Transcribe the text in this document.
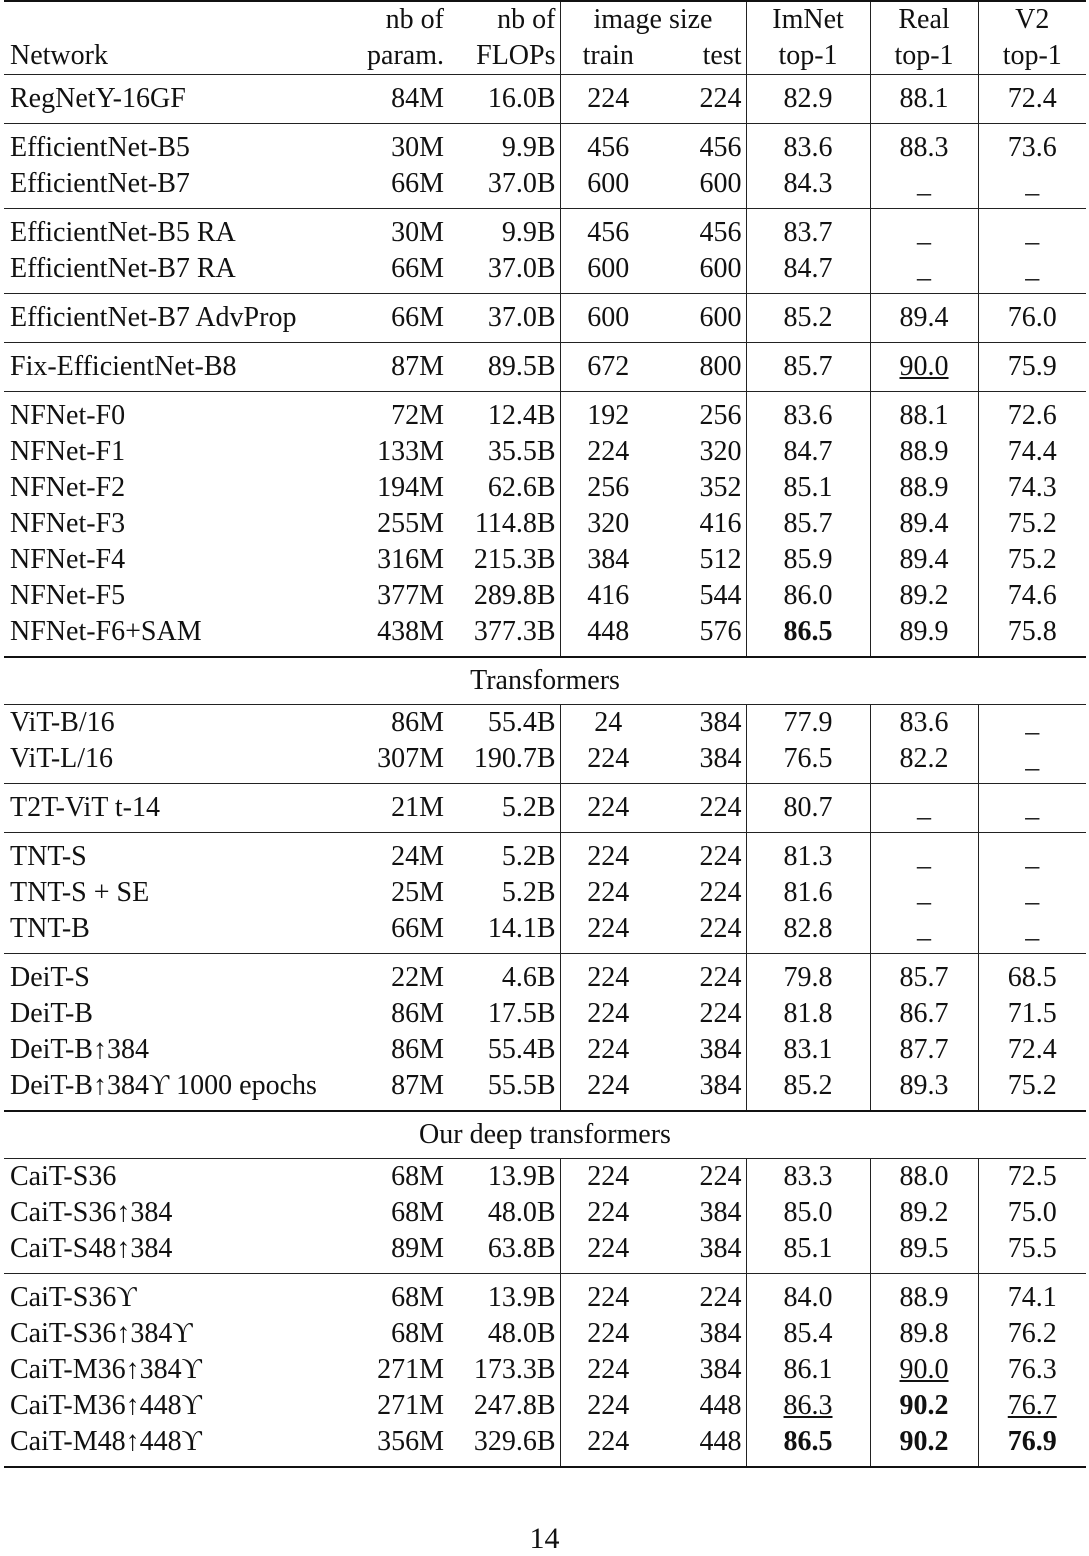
	nb of	nb of	image size		ImNet	Real	V2
Network	param.	FLOPs	train	test	top-1	top-1	top-1
RegNetY-16GF	84M	16.0B	224	224	82.9	88.1	72.4
EfficientNet-B5	30M	9.9B	456	456	83.6	88.3	73.6
EfficientNet-B7	66M	37.0B	600	600	84.3	_	_
EfficientNet-B5 RA	30M	9.9B	456	456	83.7	_	_
EfficientNet-B7 RA	66M	37.0B	600	600	84.7	_	_
EfficientNet-B7 AdvProp	66M	37.0B	600	600	85.2	89.4	76.0
Fix-EfficientNet-B8	87M	89.5B	672	800	85.7	90.0	75.9
NFNet-F0	72M	12.4B	192	256	83.6	88.1	72.6
NFNet-F1	133M	35.5B	224	320	84.7	88.9	74.4
NFNet-F2	194M	62.6B	256	352	85.1	88.9	74.3
NFNet-F3	255M	114.8B	320	416	85.7	89.4	75.2
NFNet-F4	316M	215.3B	384	512	85.9	89.4	75.2
NFNet-F5	377M	289.8B	416	544	86.0	89.2	74.6
NFNet-F6+SAM	438M	377.3B	448	576	86.5	89.9	75.8
Transformers							
ViT-B/16	86M	55.4B	24	384	77.9	83.6	_
ViT-L/16	307M	190.7B	224	384	76.5	82.2	_
T2T-ViT t-14	21M	5.2B	224	224	80.7	_	_
TNT-S	24M	5.2B	224	224	81.3	_	_
TNT-S + SE	25M	5.2B	224	224	81.6	_	_
TNT-B	66M	14.1B	224	224	82.8	_	_
DeiT-S	22M	4.6B	224	224	79.8	85.7	68.5
DeiT-B	86M	17.5B	224	224	81.8	86.7	71.5
DeiT-B↑384	86M	55.4B	224	384	83.1	87.7	72.4
DeiT-B↑384ϒ 1000 epochs	87M	55.5B	224	384	85.2	89.3	75.2
Our deep transformers							
CaiT-S36	68M	13.9B	224	224	83.3	88.0	72.5
CaiT-S36↑384	68M	48.0B	224	384	85.0	89.2	75.0
CaiT-S48↑384	89M	63.8B	224	384	85.1	89.5	75.5
CaiT-S36ϒ	68M	13.9B	224	224	84.0	88.9	74.1
CaiT-S36↑384ϒ	68M	48.0B	224	384	85.4	89.8	76.2
CaiT-M36↑384ϒ	271M	173.3B	224	384	86.1	90.0	76.3
CaiT-M36↑448ϒ	271M	247.8B	224	448	86.3	90.2	76.7
CaiT-M48↑448ϒ	356M	329.6B	224	448	86.5	90.2	76.9
14
